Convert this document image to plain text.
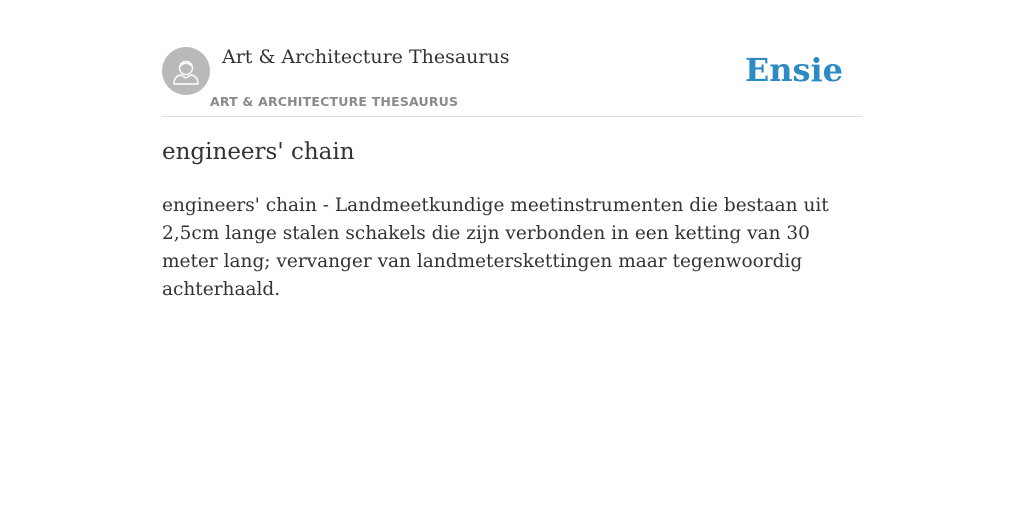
Art & Architecture Thesaurus
ART & ARCHITECTURE THESAURUS
Ensie
engineers' chain

engineers' chain - Landmeetkundige meetinstrumenten die bestaan uit 2,5cm lange stalen schakels die zijn verbonden in een ketting van 30 meter lang; vervanger van landmeterskettingen maar tegenwoordig achterhaald.
